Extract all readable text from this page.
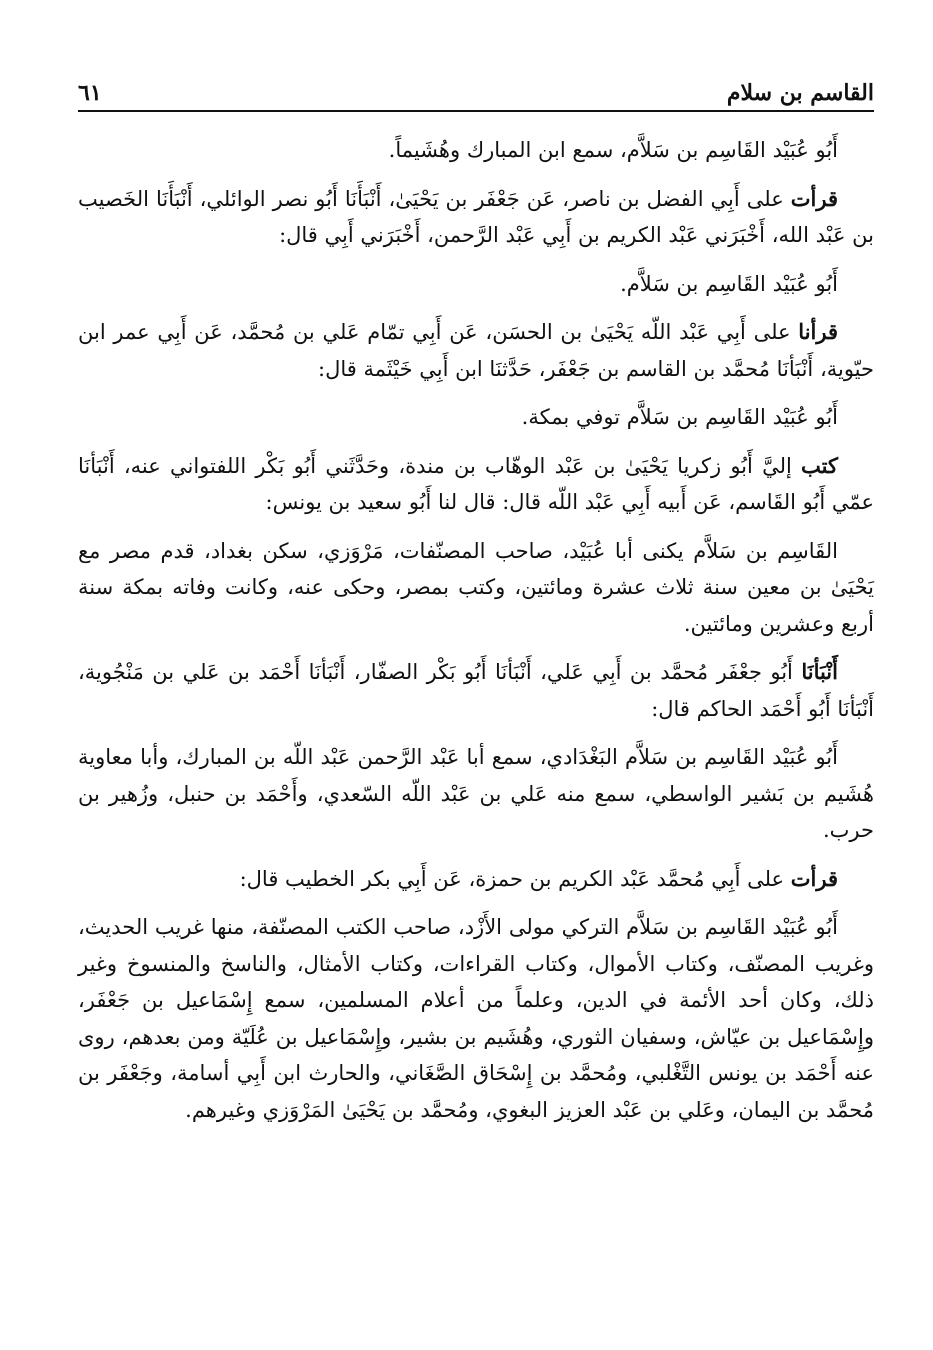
القاسم بن سلام
٦١

أَبُو عُبَيْد القَاسِم بن سَلاَّم، سمع ابن المبارك وهُشَيماً.

قرأت على أَبِي الفضل بن ناصر، عَن جَعْفَر بن يَحْيَىٰ، أَنْبَأَنَا أَبُو نصر الوائلي، أَنْبَأَنَا الخَصيب بن عَبْد الله، أَخْبَرَني عَبْد الكريم بن أَبِي عَبْد الرَّحمن، أَخْبَرَني أَبِي قال:

أَبُو عُبَيْد القَاسِم بن سَلاَّم.

قرأنا على أَبِي عَبْد اللّه يَحْيَىٰ بن الحسَن، عَن أَبِي تمّام عَلي بن مُحمَّد، عَن أَبِي عمر ابن حيّوية، أَنْبَأنَا مُحمَّد بن القاسم بن جَعْفَر، حَدَّثنَا ابن أَبِي خَيْثَمة قال:

أَبُو عُبَيْد القَاسِم بن سَلاَّم توفي بمكة.

كتب إليَّ أَبُو زكريا يَحْيَىٰ بن عَبْد الوهّاب بن مندة، وحَدَّثَني أَبُو بَكْر اللفتواني عنه، أَنْبَأنَا عمّي أَبُو القَاسم، عَن أَبيه أَبِي عَبْد اللّه قال: قال لنا أَبُو سعيد بن يونس:

القَاسِم بن سَلاَّم يكنى أبا عُبَيْد، صاحب المصنّفات، مَرْوَزي، سكن بغداد، قدم مصر مع يَحْيَىٰ بن معين سنة ثلاث عشرة ومائتين، وكتب بمصر، وحكى عنه، وكانت وفاته بمكة سنة أربع وعشرين ومائتين.

أَنْبَأنَا أَبُو جعْفَر مُحمَّد بن أَبِي عَلي، أَنْبَأنَا أَبُو بَكْر الصفّار، أَنْبَأنَا أَحْمَد بن عَلي بن مَنْجُوية، أَنْبَأنَا أَبُو أَحْمَد الحاكم قال:

أَبُو عُبَيْد القَاسِم بن سَلاَّم البَغْدَادي، سمع أبا عَبْد الرَّحمن عَبْد اللّه بن المبارك، وأبا معاوية هُشَيم بن بَشير الواسطي، سمع منه عَلي بن عَبْد اللّه السّعدي، وأَحْمَد بن حنبل، وزُهير بن حرب.

قرأت على أَبِي مُحمَّد عَبْد الكريم بن حمزة، عَن أَبِي بكر الخطيب قال:

أَبُو عُبَيْد القَاسِم بن سَلاَّم التركي مولى الأَزْد، صاحب الكتب المصنّفة، منها غريب الحديث، وغريب المصنّف، وكتاب الأموال، وكتاب القراءات، وكتاب الأمثال، والناسخ والمنسوخ وغير ذلك، وكان أحد الأئمة في الدين، وعلماً من أعلام المسلمين، سمع إِسْمَاعيل بن جَعْفَر، وإِسْمَاعيل بن عيّاش، وسفيان الثوري، وهُشَيم بن بشير، وإِسْمَاعيل بن عُلَيّة ومن بعدهم، روى عنه أَحْمَد بن يونس التَّغْلبي، ومُحمَّد بن إِسْحَاق الصَّغَاني، والحارث ابن أَبِي أسامة، وجَعْفَر بن مُحمَّد بن اليمان، وعَلي بن عَبْد العزيز البغوي، ومُحمَّد بن يَحْيَىٰ المَرْوَزي وغيرهم.
